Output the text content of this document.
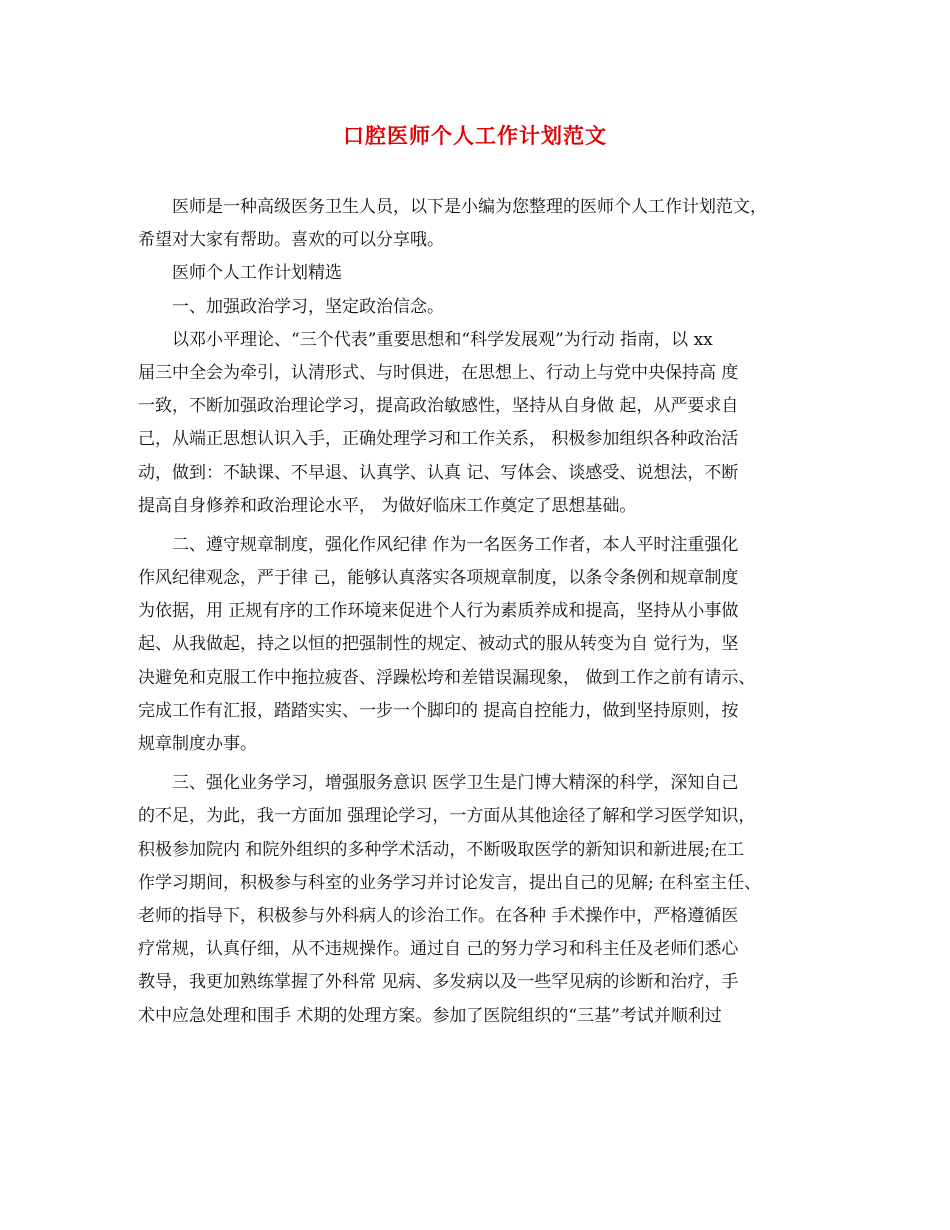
口腔医师个人工作计划范文
医师是一种高级医务卫生人员，以下是小编为您整理的医师个人工作计划范文，
希望对大家有帮助。喜欢的可以分享哦。
医师个人工作计划精选
一、加强政治学习，坚定政治信念。
以邓小平理论、“三个代表”重要思想和“科学发展观”为行动 指南，以 xx
届三中全会为牵引，认清形式、与时俱进，在思想上、行动上与党中央保持高 度
一致，不断加强政治理论学习，提高政治敏感性，坚持从自身做 起，从严要求自
己，从端正思想认识入手，正确处理学习和工作关系， 积极参加组织各种政治活
动，做到：不缺课、不早退、认真学、认真 记、写体会、谈感受、说想法，不断
提高自身修养和政治理论水平， 为做好临床工作奠定了思想基础。
二、遵守规章制度，强化作风纪律 作为一名医务工作者，本人平时注重强化
作风纪律观念，严于律 己，能够认真落实各项规章制度，以条令条例和规章制度
为依据，用 正规有序的工作环境来促进个人行为素质养成和提高，坚持从小事做
起、从我做起，持之以恒的把强制性的规定、被动式的服从转变为自 觉行为，坚
决避免和克服工作中拖拉疲沓、浮躁松垮和差错误漏现象， 做到工作之前有请示、
完成工作有汇报，踏踏实实、一步一个脚印的 提高自控能力，做到坚持原则，按
规章制度办事。
三、强化业务学习，增强服务意识 医学卫生是门博大精深的科学，深知自己
的不足，为此，我一方面加 强理论学习，一方面从其他途径了解和学习医学知识，
积极参加院内 和院外组织的多种学术活动，不断吸取医学的新知识和新进展;在工
作学习期间，积极参与科室的业务学习并讨论发言，提出自己的见解; 在科室主任、
老师的指导下，积极参与外科病人的诊治工作。在各种 手术操作中，严格遵循医
疗常规，认真仔细，从不违规操作。通过自 己的努力学习和科主任及老师们悉心
教导，我更加熟练掌握了外科常 见病、多发病以及一些罕见病的诊断和治疗，手
术中应急处理和围手 术期的处理方案。参加了医院组织的“三基”考试并顺利过
